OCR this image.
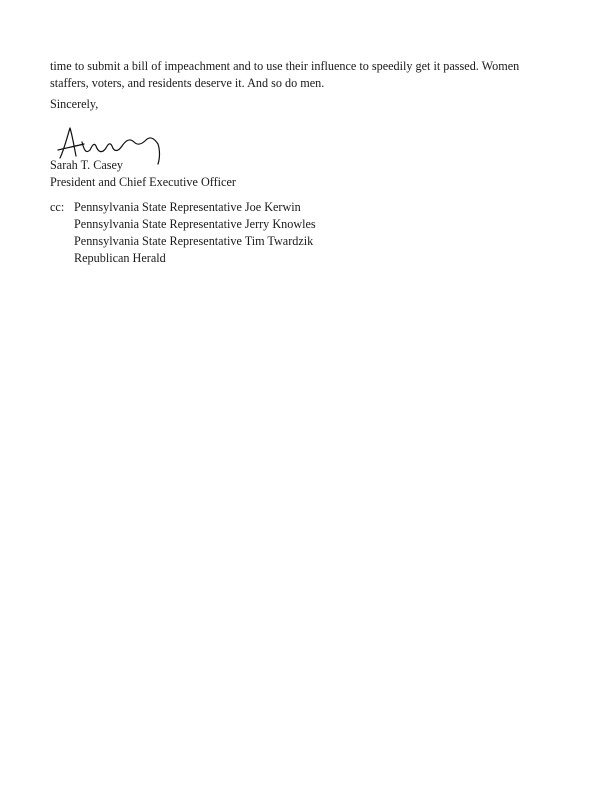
time to submit a bill of impeachment and to use their influence to speedily get it passed. Women
staffers, voters, and residents deserve it. And so do men.

Sincerely,
Sarah T. Casey
President and Chief Executive Officer
cc: Pennsylvania State Representative Joe Kerwin
Pennsylvania State Representative Jerry Knowles
Pennsylvania State Representative Tim Twardzik
Republican Herald
